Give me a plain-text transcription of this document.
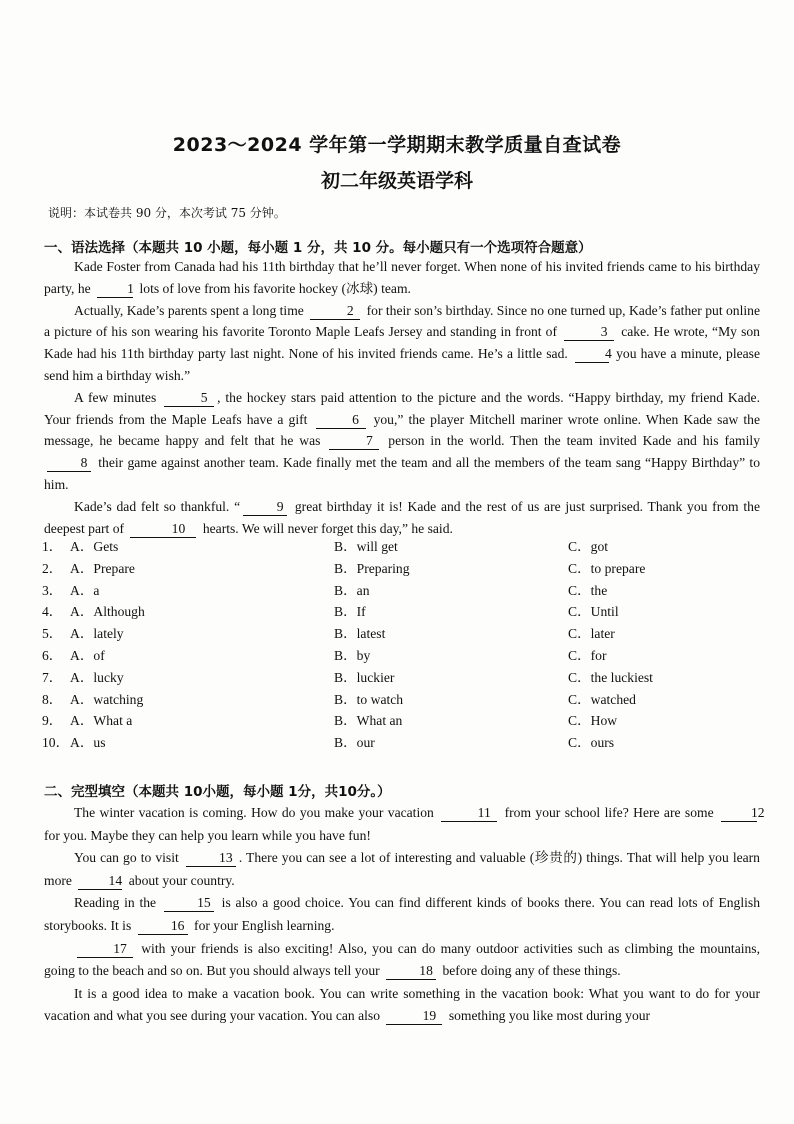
2023～2024 学年第一学期期末教学质量自查试卷
初二年级英语学科
说明：本试卷共 90 分，本次考试 75 分钟。
一、语法选择（本题共 10 小题，每小题 1 分，共 10 分。每小题只有一个选项符合题意）

Kade Foster from Canada had his 11th birthday that he’ll never forget. When none of his invited friends came to his birthday party, he	1 lots of love from his favorite hockey (冰球) team.

Actually, Kade’s parents spent a long time	2 for their son’s birthday. Since no one turned up, Kade’s father put online a picture of his son wearing his favorite Toronto Maple Leafs Jersey and standing in front of	3 cake. He wrote, “My son Kade had his 11th birthday party last night. None of his invited friends came. He’s a little sad.	4 you have a minute, please send him a birthday wish.”

A few minutes	5 , the hockey stars paid attention to the picture and the words. “Happy birthday, my friend Kade. Your friends from the Maple Leafs have a gift	6 you,” the player Mitchell mariner wrote online. When Kade saw the message, he became happy and felt that he was	7 person in the world. Then the team invited Kade and his family 8 their game against another team. Kade finally met the team and all the members of the team sang “Happy Birthday” to him.

Kade’s dad felt so thankful. “	9 great birthday it is! Kade and the rest of us are just surprised. Thank you from the deepest part of	10 hearts. We will never forget this day,” he said.

1． A．Gets	B．will get	C．got
2． A．Prepare	B．Preparing	C．to prepare
3． A．a	B．an	C．the
4． A．Although	B．If	C．Until
5． A．lately	B．latest	C．later
6． A．of	B．by	C．for
7． A．lucky	B．luckier	C．the luckiest
8． A．watching	B．to watch	C．watched
9． A．What a	B．What an	C．How
10． A．us	B．our	C．ours
二、完型填空（本题共 10小题，每小题 1分，共10分。）

The winter vacation is coming. How do you make your vacation	11 from your school life? Here are some	12 for you. Maybe they can help you learn while you have fun!

You can go to visit	13 . There you can see a lot of interesting and valuable (珍贵的) things. That will help you learn more	14 about your country.

Reading in the	15 is also a good choice. You can find different kinds of books there. You can read lots of English storybooks. It is	16 for your English learning.

17 with your friends is also exciting! Also, you can do many outdoor activities such as climbing the mountains, going to the beach and so on. But you should always tell your	18 before doing any of these things.

It is a good idea to make a vacation book. You can write something in the vacation book: What you want to do for your vacation and what you see during your vacation. You can also	19 something you like most during your
